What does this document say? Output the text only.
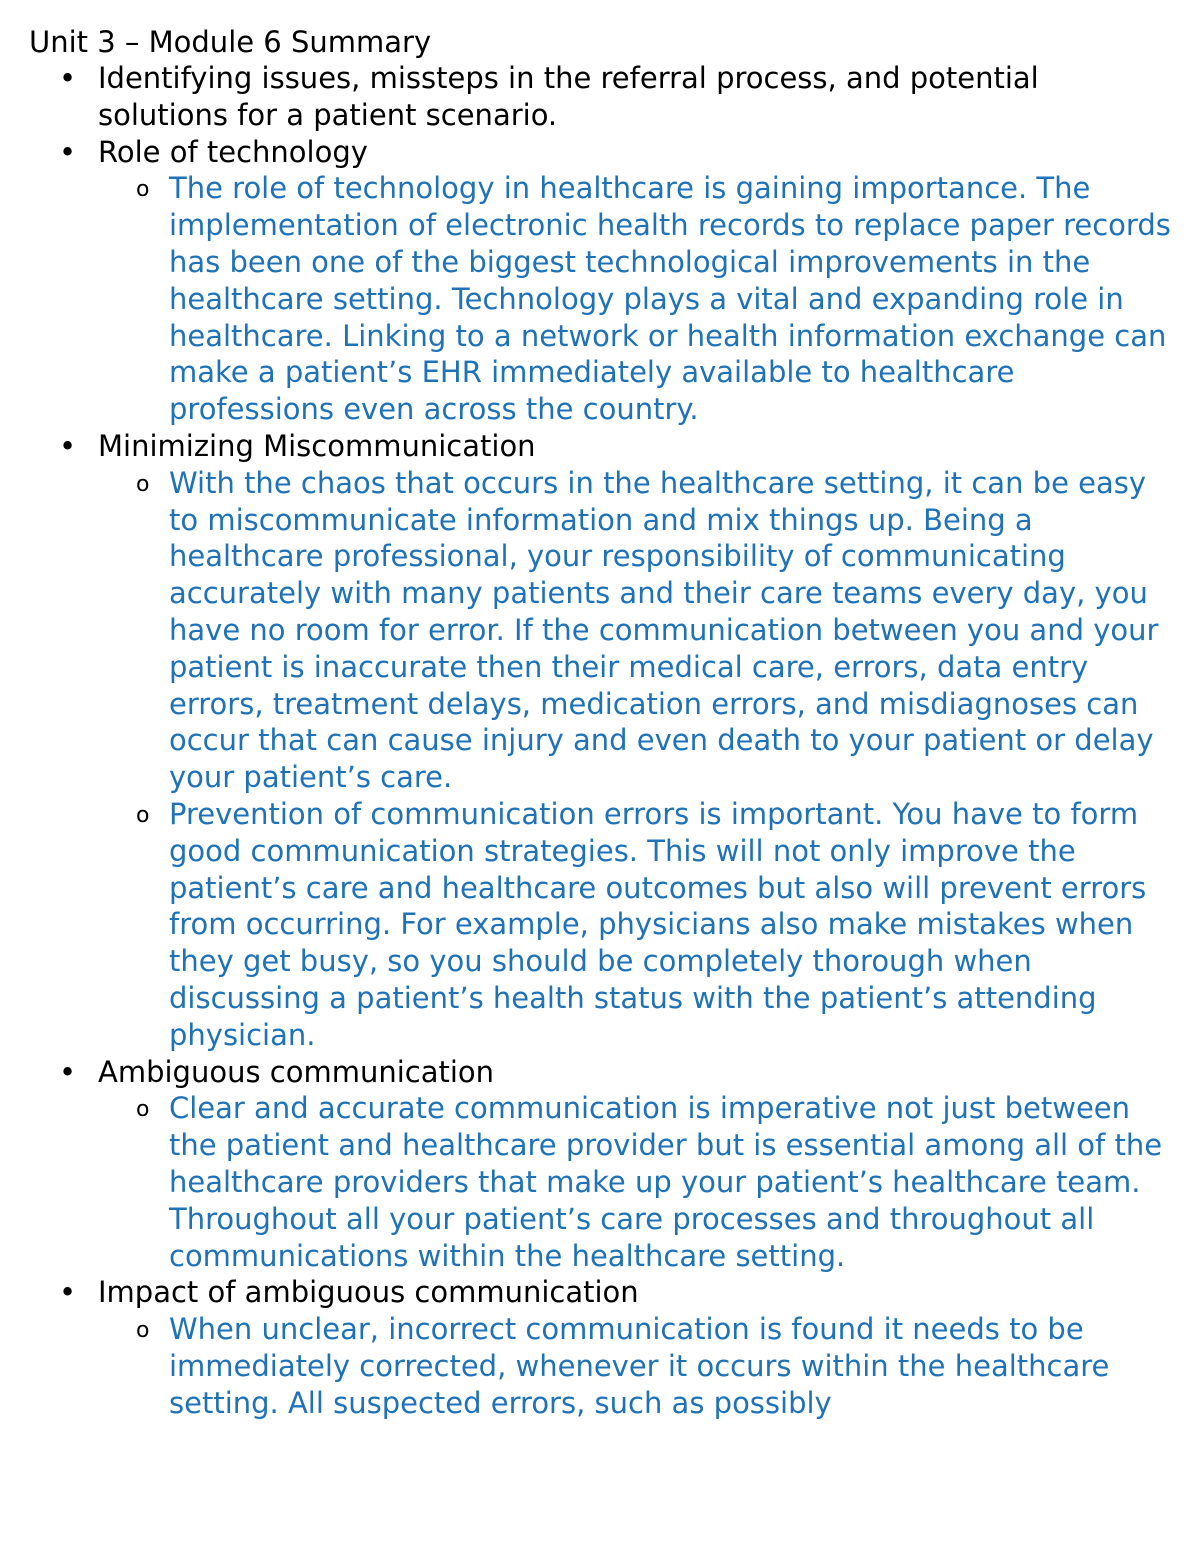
Unit 3 – Module 6 Summary
• Identifying issues, missteps in the referral process, and potential solutions for a patient scenario.
• Role of technology
o The role of technology in healthcare is gaining importance. The implementation of electronic health records to replace paper records has been one of the biggest technological improvements in the healthcare setting. Technology plays a vital and expanding role in healthcare. Linking to a network or health information exchange can make a patient’s EHR immediately available to healthcare professions even across the country.
• Minimizing Miscommunication
o With the chaos that occurs in the healthcare setting, it can be easy to miscommunicate information and mix things up. Being a healthcare professional, your responsibility of communicating accurately with many patients and their care teams every day, you have no room for error. If the communication between you and your patient is inaccurate then their medical care, errors, data entry errors, treatment delays, medication errors, and misdiagnoses can occur that can cause injury and even death to your patient or delay your patient’s care.
o Prevention of communication errors is important. You have to form good communication strategies. This will not only improve the patient’s care and healthcare outcomes but also will prevent errors from occurring. For example, physicians also make mistakes when they get busy, so you should be completely thorough when discussing a patient’s health status with the patient’s attending physician.
• Ambiguous communication
o Clear and accurate communication is imperative not just between the patient and healthcare provider but is essential among all of the healthcare providers that make up your patient’s healthcare team. Throughout all your patient’s care processes and throughout all communications within the healthcare setting.
• Impact of ambiguous communication
o When unclear, incorrect communication is found it needs to be immediately corrected, whenever it occurs within the healthcare setting. All suspected errors, such as possibly
